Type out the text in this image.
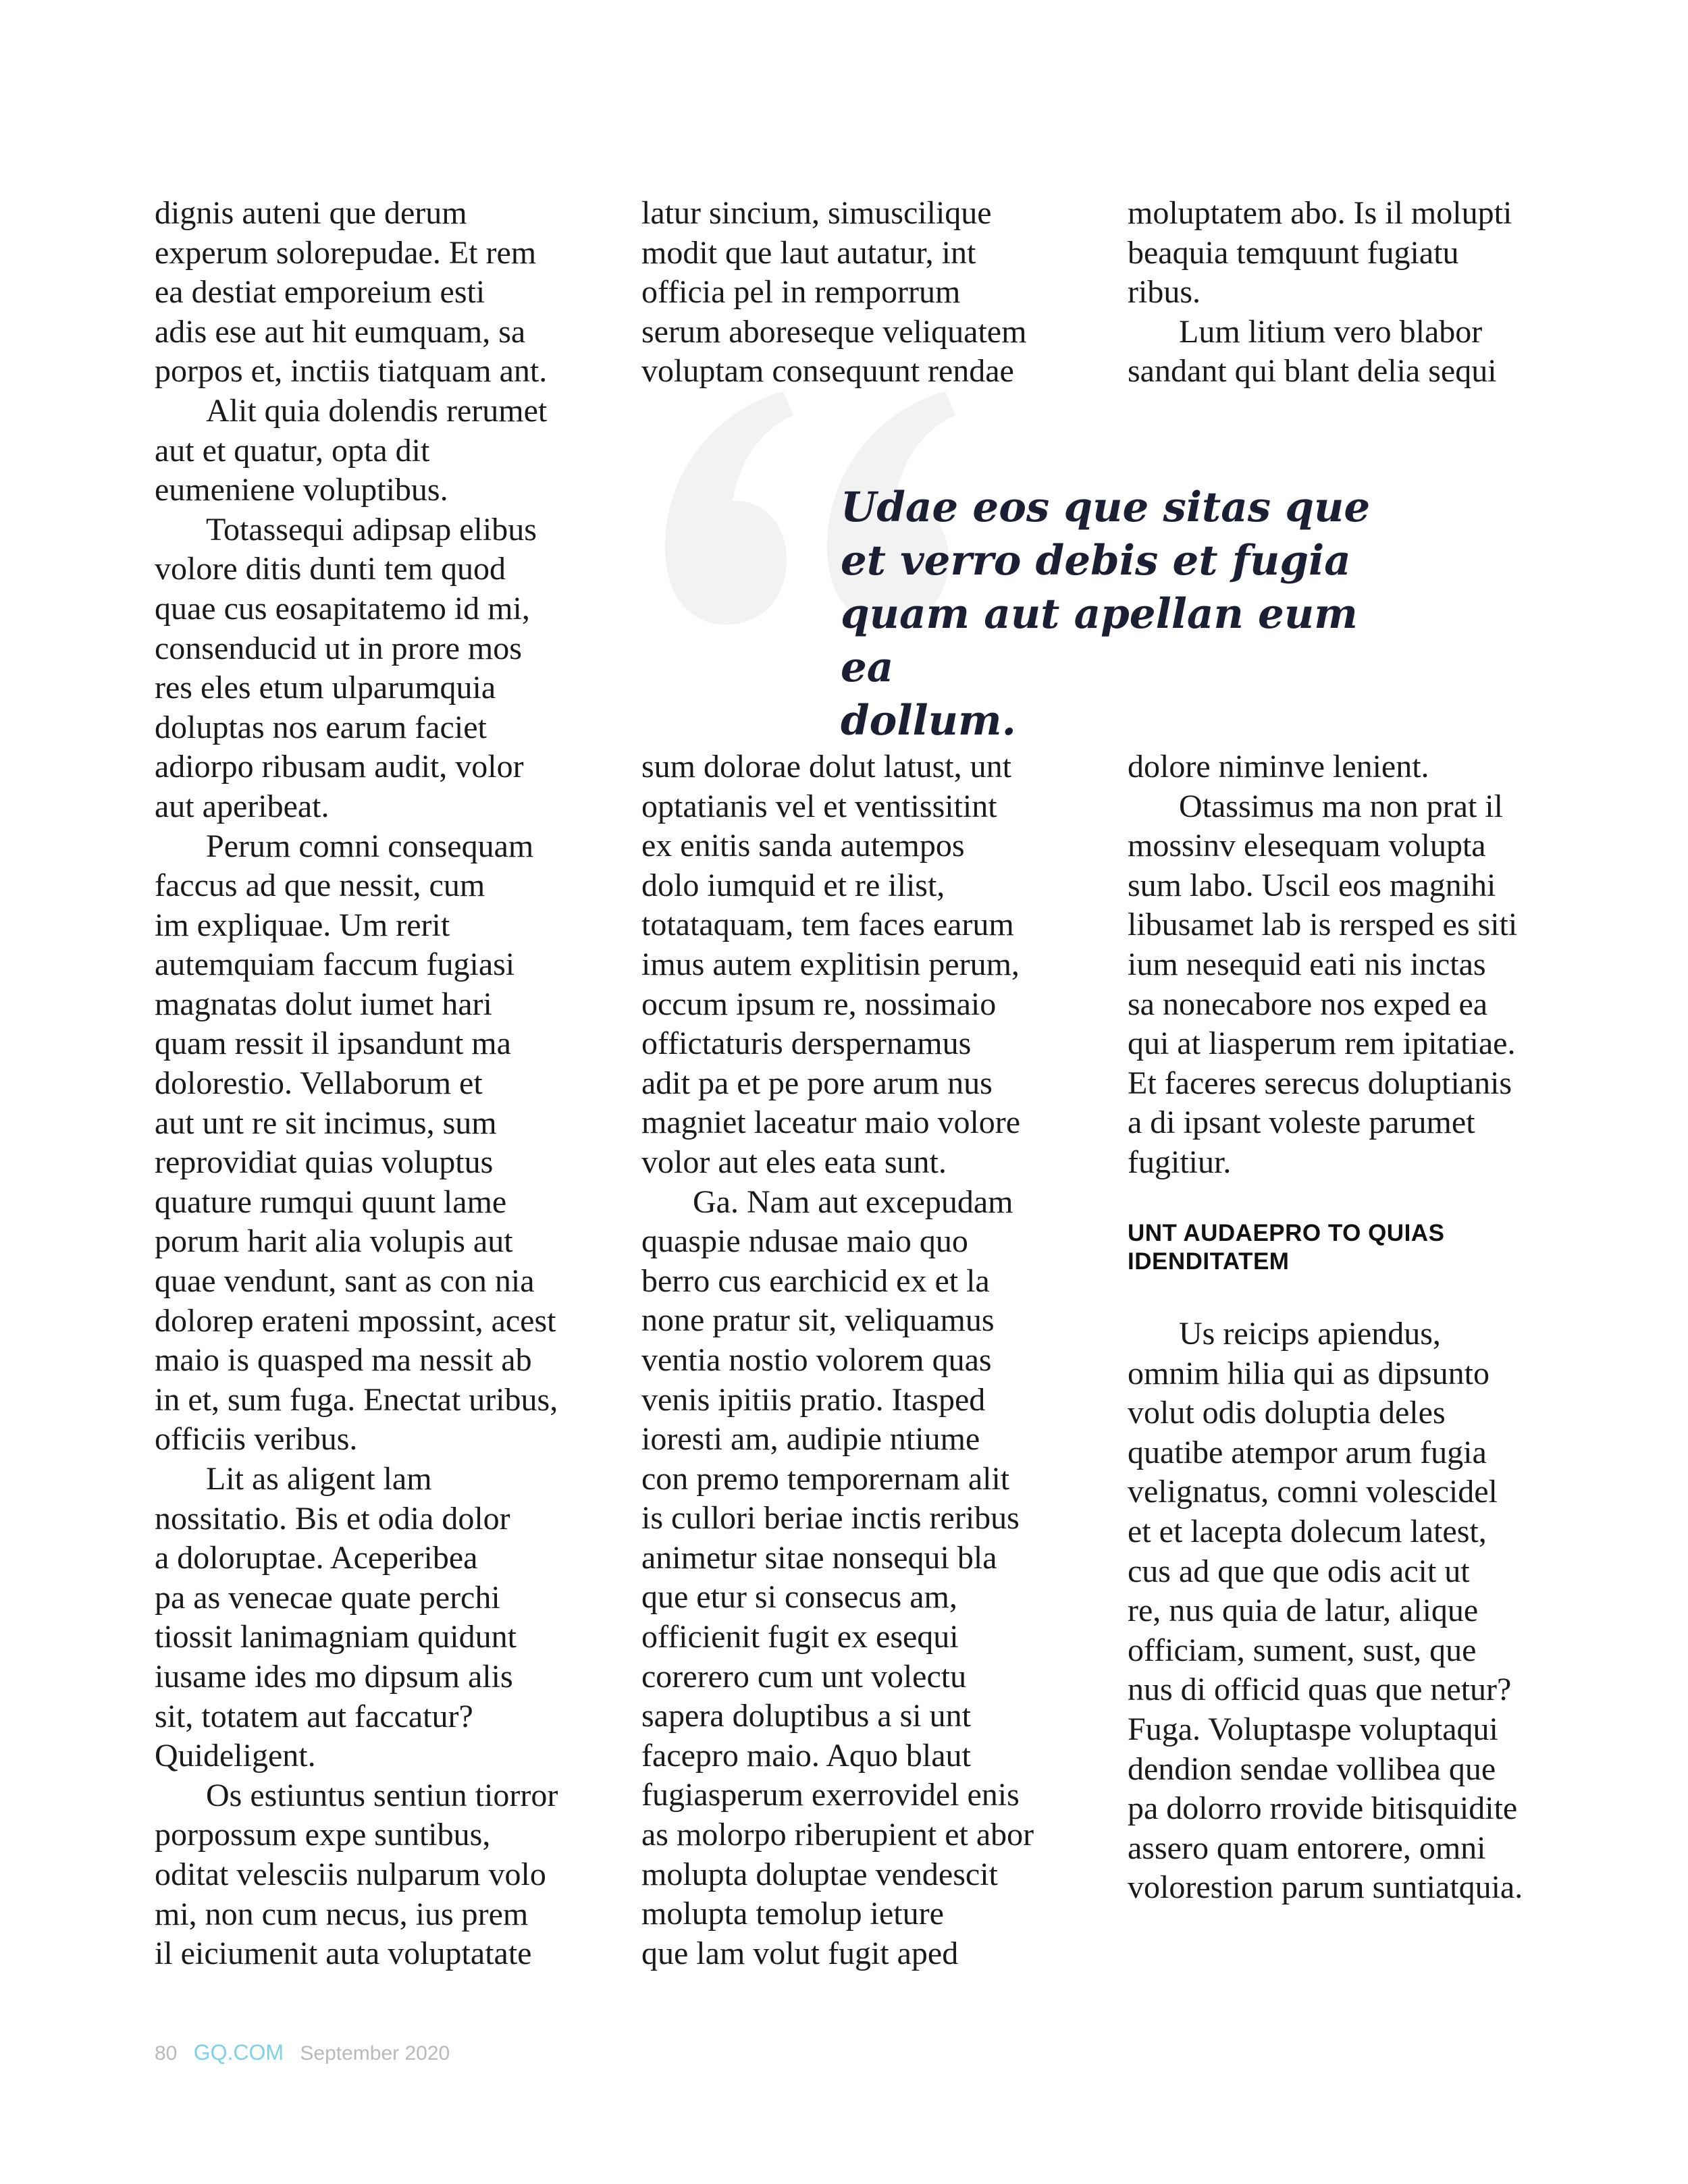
dignis auteni que derum
experum solorepudae. Et rem
ea destiat emporeium esti
adis ese aut hit eumquam, sa
porpos et, inctiis tiatquam ant.

Alit quia dolendis rerumet
aut et quatur, opta dit
eumeniene voluptibus.

Totassequi adipsap elibus
volore ditis dunti tem quod
quae cus eosapitatemo id mi,
consenducid ut in prore mos
res eles etum ulparumquia
doluptas nos earum faciet
adiorpo ribusam audit, volor
aut aperibeat.

Perum comni consequam
faccus ad que nessit, cum
im expliquae. Um rerit
autemquiam faccum fugiasi
magnatas dolut iumet hari
quam ressit il ipsandunt ma
dolorestio. Vellaborum et
aut unt re sit incimus, sum
reprovidiat quias voluptus
quature rumqui quunt lame
porum harit alia volupis aut
quae vendunt, sant as con nia
dolorep erateni mpossint, acest
maio is quasped ma nessit ab
in et, sum fuga. Enectat uribus,
officiis veribus.

Lit as aligent lam
nossitatio. Bis et odia dolor
a doloruptae. Aceperibea
pa as venecae quate perchi
tiossit lanimagniam quidunt
iusame ides mo dipsum alis
sit, totatem aut faccatur?
Quideligent.

Os estiuntus sentiun tiorror
porpossum expe suntibus,
oditat velesciis nulparum volo
mi, non cum necus, ius prem
il eiciumenit auta voluptatate

latur sincium, simuscilique
modit que laut autatur, int
officia pel in remporrum
serum aboreseque veliquatem
voluptam consequunt rendae

moluptatem abo. Is il molupti
beaquia temquunt fugiatu
ribus.

Lum litium vero blabor
sandant qui blant delia sequi

Udae eos que sitas que
et verro debis et fugia
quam aut apellan eum ea
dollum.

sum dolorae dolut latust, unt
optatianis vel et ventissitint
ex enitis sanda autempos
dolo iumquid et re ilist,
totataquam, tem faces earum
imus autem explitisin perum,
occum ipsum re, nossimaio
offictaturis derspernamus
adit pa et pe pore arum nus
magniet laceatur maio volore
volor aut eles eata sunt.

Ga. Nam aut excepudam
quaspie ndusae maio quo
berro cus earchicid ex et la
none pratur sit, veliquamus
ventia nostio volorem quas
venis ipitiis pratio. Itasped
ioresti am, audipie ntiume
con premo temporernam alit
is cullori beriae inctis reribus
animetur sitae nonsequi bla
que etur si consecus am,
officienit fugit ex esequi
corerero cum unt volectu
sapera doluptibus a si unt
facepro maio. Aquo blaut
fugiasperum exerrovidel enis
as molorpo riberupient et abor
molupta doluptae vendescit
molupta temolup ieture
que lam volut fugit aped

dolore niminve lenient.

Otassimus ma non prat il
mossinv elesequam volupta
sum labo. Uscil eos magnihi
libusamet lab is rersped es siti
ium nesequid eati nis inctas
sa nonecabore nos exped ea
qui at liasperum rem ipitatiae.
Et faceres serecus doluptianis
a di ipsant voleste parumet
fugitiur.

UNT AUDAEPRO TO QUIAS
IDENDITATEM

Us reicips apiendus,
omnim hilia qui as dipsunto
volut odis doluptia deles
quatibe atempor arum fugia
velignatus, comni volescidel
et et lacepta dolecum latest,
cus ad que que odis acit ut
re, nus quia de latur, alique
officiam, sument, sust, que
nus di officid quas que netur?
Fuga. Voluptaspe voluptaqui
dendion sendae vollibea que
pa dolorro rrovide bitisquidite
assero quam entorere, omni
volorestion parum suntiatquia.

80 GQ.COM September 2020
